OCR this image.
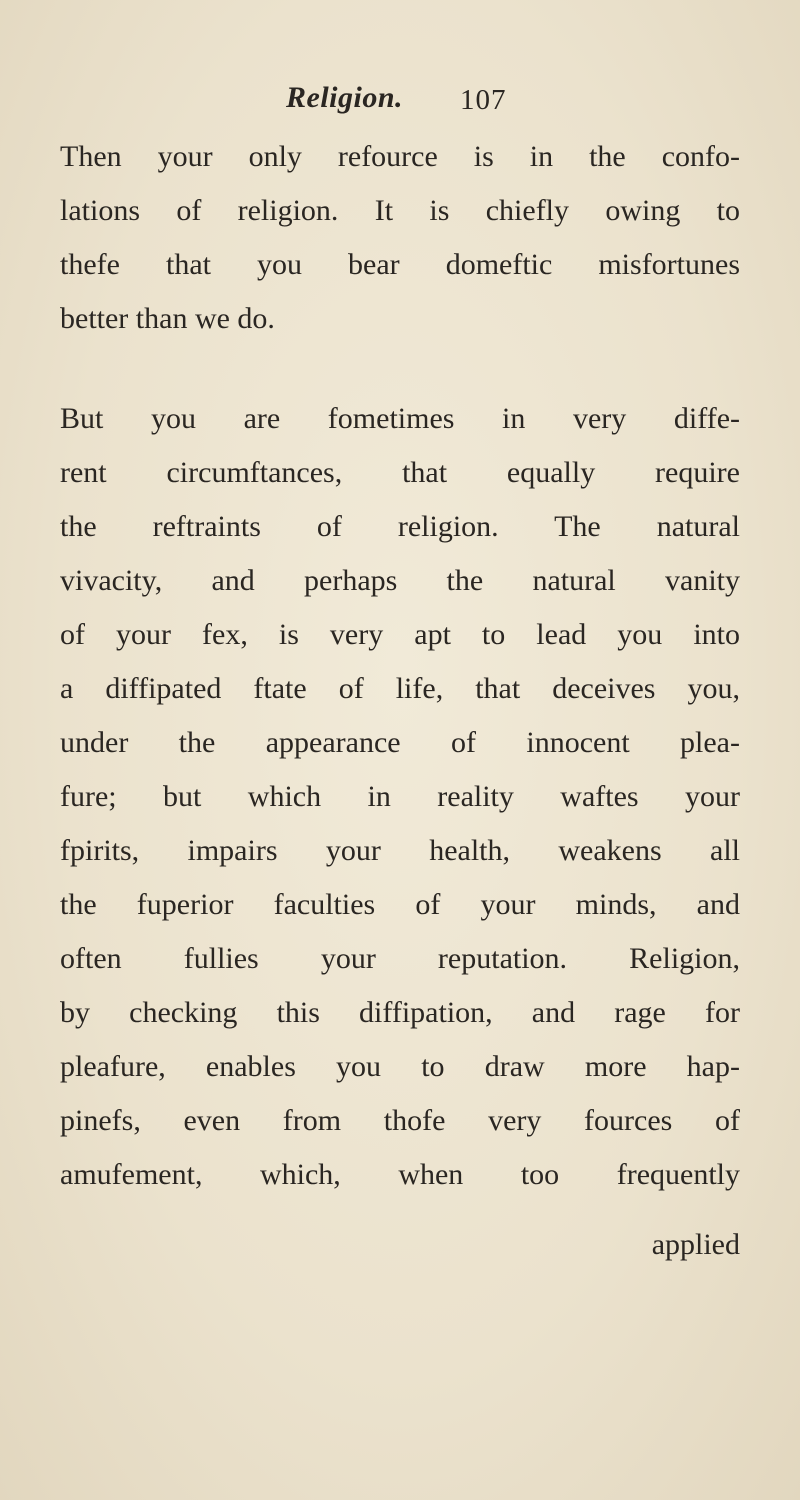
Religion. 107

Then your only refource is in the confo-
lations of religion. It is chiefly owing to
thefe that you bear domeftic misfortunes
better than we do.

But you are fometimes in very diffe-
rent circumftances, that equally require
the reftraints of religion. The natural
vivacity, and perhaps the natural vanity
of your fex, is very apt to lead you into
a diffipated ftate of life, that deceives you,
under the appearance of innocent plea-
fure; but which in reality waftes your
fpirits, impairs your health, weakens all
the fuperior faculties of your minds, and
often fullies your reputation. Religion,
by checking this diffipation, and rage for
pleafure, enables you to draw more hap-
pinefs, even from thofe very fources of
amufement, which, when too frequently

applied
